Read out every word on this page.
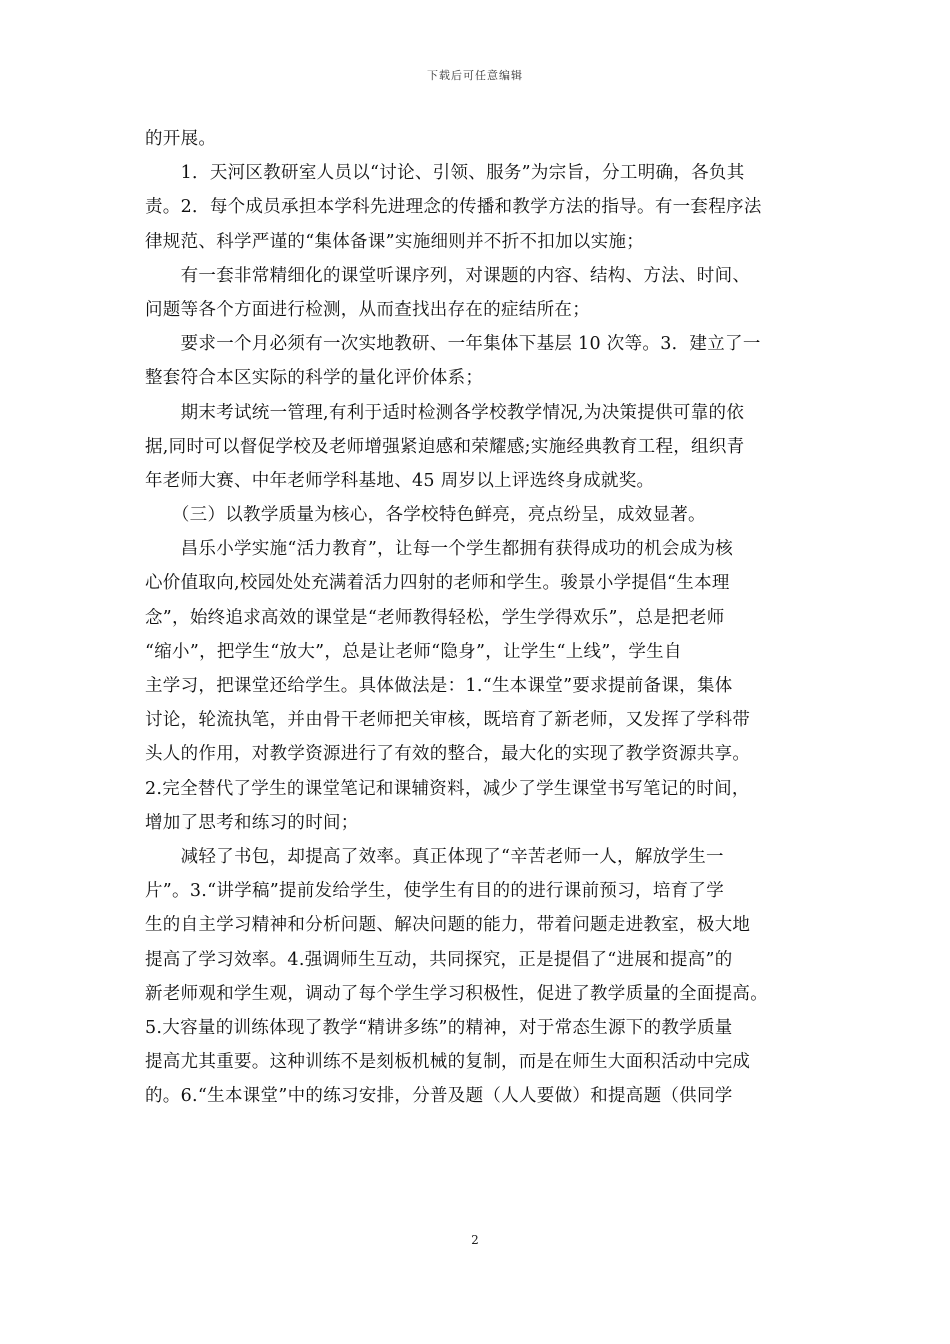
下载后可任意编辑
的开展。
　　1．天河区教研室人员以“讨论、引领、服务”为宗旨，分工明确，各负其
责。2．每个成员承担本学科先进理念的传播和教学方法的指导。有一套程序法
律规范、科学严谨的“集体备课”实施细则并不折不扣加以实施；
　　有一套非常精细化的课堂听课序列，对课题的内容、结构、方法、时间、
问题等各个方面进行检测，从而查找出存在的症结所在；
　　要求一个月必须有一次实地教研、一年集体下基层 10 次等。3．建立了一
整套符合本区实际的科学的量化评价体系；
　　期末考试统一管理,有利于适时检测各学校教学情况,为决策提供可靠的依
据,同时可以督促学校及老师增强紧迫感和荣耀感;实施经典教育工程，组织青
年老师大赛、中年老师学科基地、45 周岁以上评选终身成就奖。
　　（三）以教学质量为核心，各学校特色鲜亮，亮点纷呈，成效显著。
　　昌乐小学实施“活力教育”，让每一个学生都拥有获得成功的机会成为核
心价值取向,校园处处充满着活力四射的老师和学生。骏景小学提倡“生本理
念”，始终追求高效的课堂是“老师教得轻松，学生学得欢乐”，总是把老师
“缩小”，把学生“放大”，总是让老师“隐身”，让学生“上线”，学生自
主学习，把课堂还给学生。具体做法是：1.“生本课堂”要求提前备课，集体
讨论，轮流执笔，并由骨干老师把关审核，既培育了新老师，又发挥了学科带
头人的作用，对教学资源进行了有效的整合，最大化的实现了教学资源共享。
2.完全替代了学生的课堂笔记和课辅资料，减少了学生课堂书写笔记的时间，
增加了思考和练习的时间；
　　减轻了书包，却提高了效率。真正体现了“辛苦老师一人，解放学生一
片”。3.“讲学稿”提前发给学生，使学生有目的的进行课前预习，培育了学
生的自主学习精神和分析问题、解决问题的能力，带着问题走进教室，极大地
提高了学习效率。4.强调师生互动，共同探究，正是提倡了“进展和提高”的
新老师观和学生观，调动了每个学生学习积极性，促进了教学质量的全面提高。
5.大容量的训练体现了教学“精讲多练”的精神，对于常态生源下的教学质量
提高尤其重要。这种训练不是刻板机械的复制，而是在师生大面积活动中完成
的。6.“生本课堂”中的练习安排，分普及题（人人要做）和提高题（供同学
2
